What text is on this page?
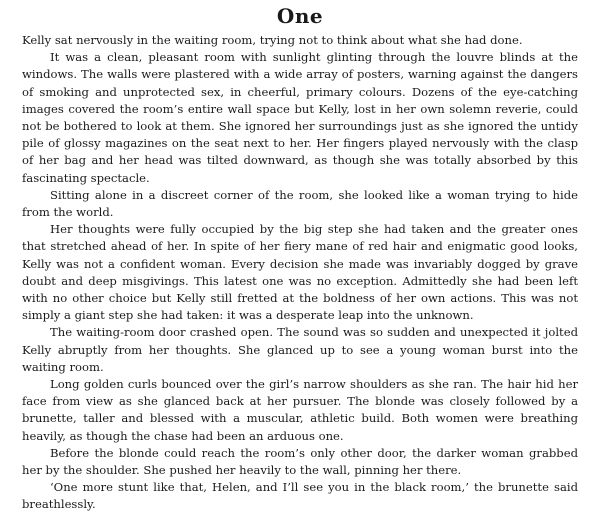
One

Kelly sat nervously in the waiting room, trying not to think about what she had done.

It was a clean, pleasant room with sunlight glinting through the louvre blinds at the windows. The walls were plastered with a wide array of posters, warning against the dangers of smoking and unprotected sex, in cheerful, primary colours. Dozens of the eye-catching images covered the room’s entire wall space but Kelly, lost in her own solemn reverie, could not be bothered to look at them. She ignored her surroundings just as she ignored the untidy pile of glossy magazines on the seat next to her. Her fingers played nervously with the clasp of her bag and her head was tilted downward, as though she was totally absorbed by this fascinating spectacle.

Sitting alone in a discreet corner of the room, she looked like a woman trying to hide from the world.

Her thoughts were fully occupied by the big step she had taken and the greater ones that stretched ahead of her. In spite of her fiery mane of red hair and enigmatic good looks, Kelly was not a confident woman. Every decision she made was invariably dogged by grave doubt and deep misgivings. This latest one was no exception. Admittedly she had been left with no other choice but Kelly still fretted at the boldness of her own actions. This was not simply a giant step she had taken: it was a desperate leap into the unknown.

The waiting-room door crashed open. The sound was so sudden and unexpected it jolted Kelly abruptly from her thoughts. She glanced up to see a young woman burst into the waiting room.

Long golden curls bounced over the girl’s narrow shoulders as she ran. The hair hid her face from view as she glanced back at her pursuer. The blonde was closely followed by a brunette, taller and blessed with a muscular, athletic build. Both women were breathing heavily, as though the chase had been an arduous one.

Before the blonde could reach the room’s only other door, the darker woman grabbed her by the shoulder. She pushed her heavily to the wall, pinning her there.

‘One more stunt like that, Helen, and I’ll see you in the black room,’ the brunette said breathlessly.
